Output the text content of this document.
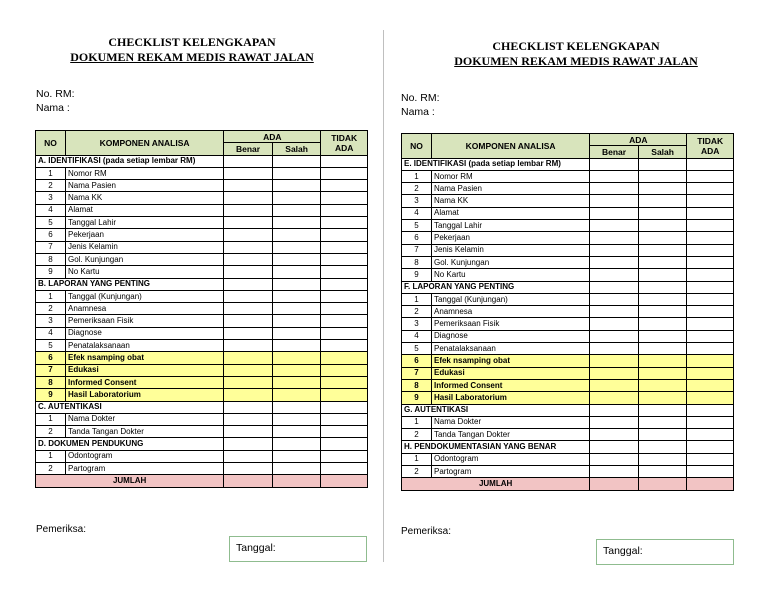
CHECKLIST KELENGKAPAN
DOKUMEN REKAM MEDIS RAWAT JALAN
No. RM:
Nama :
NO	KOMPONEN ANALISA	ADA		TIDAK ADA
		Benar	Salah	
A. IDENTIFIKASI (pada setiap lembar RM)				
1	Nomor RM			
2	Nama Pasien			
3	Nama KK			
4	Alamat			
5	Tanggal Lahir			
6	Pekerjaan			
7	Jenis Kelamin			
8	Gol. Kunjungan			
9	No Kartu			
B. LAPORAN YANG PENTING				
1	Tanggal (Kunjungan)			
2	Anamnesa			
3	Pemeriksaan Fisik			
4	Diagnose			
5	Penatalaksanaan			
6	Efek nsamping obat			
7	Edukasi			
8	Informed Consent			
9	Hasil Laboratorium			
C. AUTENTIKASI				
1	Nama Dokter			
2	Tanda Tangan Dokter			
D. DOKUMEN PENDUKUNG				
1	Odontogram			
2	Partogram			
JUMLAH				
Pemeriksa:
Tanggal:
CHECKLIST KELENGKAPAN
DOKUMEN REKAM MEDIS RAWAT JALAN
No. RM:
Nama :
NO	KOMPONEN ANALISA	ADA		TIDAK ADA
		Benar	Salah	
E. IDENTIFIKASI (pada setiap lembar RM)				
1	Nomor RM			
2	Nama Pasien			
3	Nama KK			
4	Alamat			
5	Tanggal Lahir			
6	Pekerjaan			
7	Jenis Kelamin			
8	Gol. Kunjungan			
9	No Kartu			
F. LAPORAN YANG PENTING				
1	Tanggal (Kunjungan)			
2	Anamnesa			
3	Pemeriksaan Fisik			
4	Diagnose			
5	Penatalaksanaan			
6	Efek nsamping obat			
7	Edukasi			
8	Informed Consent			
9	Hasil Laboratorium			
G. AUTENTIKASI				
1	Nama Dokter			
2	Tanda Tangan Dokter			
H. PENDOKUMENTASIAN YANG BENAR				
1	Odontogram			
2	Partogram			
JUMLAH				
Pemeriksa:
Tanggal:
